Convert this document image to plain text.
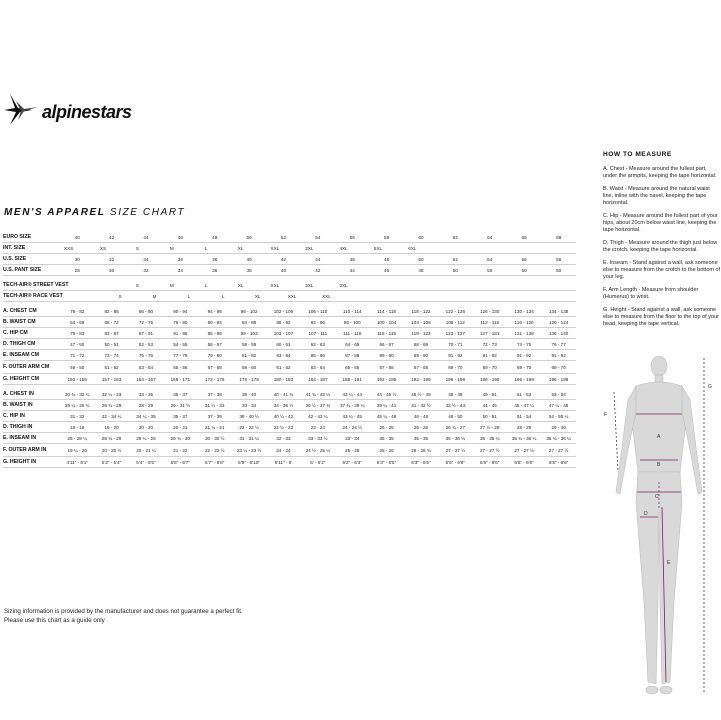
alpinestars
MEN'S APPAREL SIZE CHART
EURO SIZE	40		42		44		46		48		50		52		54		56		58		60		62	64	66	68
INT. SIZE	XXS		XS		S		M		L		XL		XXL		3XL		4XL		5XL		6XL					
U.S. SIZE	30		32		34		36		38		40		42		44		46		48		50		52	54	56	58
U.S. PANT SIZE	28		30		32		34		36		38		40		42		44		46		48		50	50	50	50

TECH-AIR® STREET VEST					S		M		L		XL		XXL		3XL		3XL									
TECH-AIR® RACE VEST				S		M		L		L		XL		XXL		XXL										

A. CHEST CM	78 - 82		82 - 86		86 - 90		90 - 94		94 - 98		98 - 102		102 - 106		106 - 110		110 - 114		114 - 118		118 - 122		122 - 126	126 - 130	130 - 134	134 - 138
B. WAIST CM	64 - 68		68 - 72		72 - 76		76 - 80		80 - 84		84 - 88		88 - 92		92 - 96		96 - 100		100 - 104		104 - 108		108 - 112	112 - 116	116 - 120	120 - 124
C. HIP CM	79 - 83		83 - 87		87 - 91		91 - 95		95 - 99		99 - 103		103 - 107		107 - 111		111 - 115		115 - 119		119 - 123		123 - 127	127 - 131	131 - 136	136 - 140
D. THIGH CM	47 - 50		50 - 51		52 - 53		54 - 55		56 - 57		58 - 59		60 - 61		62 - 63		64 - 65		66 - 67		68 - 69		70 - 71	72 - 73	74 - 75	76 - 77
E. INSEAM CM	71 - 72		73 - 74		75 - 76		77 - 78		79 - 80		81 - 82		83 - 84		85 - 86		87 - 88		89 - 90		89 - 90		91 - 92	91 - 92	91 - 92	91 - 92
F. OUTER ARM CM	49 - 50		51 - 52		53 - 54		55 - 56		57 - 58		59 - 60		61 - 62		63 - 64		65 - 66		67 - 68		67 - 68		69 - 70	69 - 70	69 - 70	69 - 70
G. HEIGHT CM	150 - 156		157 - 163		164 - 167		168 - 171		172 - 175		176 - 179		180 - 183		184 - 187		188 - 191		192 - 195		192 - 195		196 - 199	196 - 199	196 - 199	196 - 199

A. CHEST IN	30 ¾ - 32 ¼		32 ¼ - 33		33 - 35		35 - 37		37 - 38		38 - 40		40 - 41 ¾		41 ¾ - 43 ¼		43 ¼ - 44		44 - 46 ½		46 ½ - 48		48 - 49	49 - 51	51 - 53	53 - 54
B. WAIST IN	25 ¼ - 26 ¾		26 ¾ - 28		28 - 29		29 - 31 ½		31 ½ - 33		33 - 34		34 - 36 ½		36 ½ - 37 ¾		37 ¾ - 39 ¼		39 ¼ - 41		41 - 42 ½		42 ½ - 44	44 - 45	45 - 47 ¼	47 ¼ - 49
C. HIP IN	31 - 32		32 - 34 ¼		34 ¼ - 35		35 - 37		37 - 39		39 - 40 ½		40 ½ - 42		42 - 43 ¼		43 ¼ - 45		45 ¼ - 46		46 - 48		48 - 50	50 - 51	51 - 54	54 - 55 ¼
D. THIGH IN	19 - 19		19 - 20		20 - 20		20 - 21		21 ¼ - 21		22 - 22 ½		22 ½ - 23		23 - 24		24 - 24 ½		25 - 26		26 - 26		26 ¾ - 27	27 ½ - 28	28 - 29	29 - 30
E. INSEAM IN	28 - 28 ¼		28 ¾ - 29		29 ¼ - 29		29 ¾ - 30		30 - 30 ½		31 - 31 ¼		32 - 33		33 - 33 ½		33 - 34		35 - 35		35 - 35		35 - 36 ¼	35 - 36 ¼	35 ¾ - 36 ¼	35 ¾ - 36 ¼
F. OUTER ARM IN	19 ¼ - 20		20 - 20 ½		20 - 21 ¼		21 - 22		22 - 22 ½		23 ¼ - 23 ½		24 - 24		24 ½ - 25 ¼		25 - 26		25 - 26		26 - 26 ¾		27 - 27 ½	27 - 27 ½	27 - 27 ½	27 - 27 ½
G. HEIGHT IN	4'11" - 5'1"		5'2" - 5'4"		5'4" - 5'5"		5'6" - 5'7"		5'7" - 5'8"		5'9" - 5'10"		5'11" - 6'		6' - 6'2"		6'2" - 6'3"		6'3" - 6'5"		6'3" - 6'5"		6'5" - 6'6"	6'5" - 6'6"	6'5" - 6'6"	6'5" - 6'6"
Sizing information is provided by the manufacturer and does not guarantee a perfect fit.
Please use this chart as a guide only
HOW TO MEASURE
A. Chest - Measure around the fullest part, under the armpits, keeping the tape horizontal.
B. Waist - Measure around the natural waist line, inline with the navel, keeping the tape horizontal.
C. Hip - Measure around the fullest part of your hips, about 20cm below waist line, keeping the tape horizontal.
D. Thigh - Measure around the thigh just below the crotch, keeping the tape horizontal.
E. Inseam - Stand against a wall, ask someone else to measure from the crotch to the bottom of your leg.
F. Arm Length - Measure from shoulder (Humerus) to wrist.
G. Height - Stand against a wall, ask someone else to measure from the floor to the top of your head, keeping the tape vertical.
A
B
C
D
E
F
G
